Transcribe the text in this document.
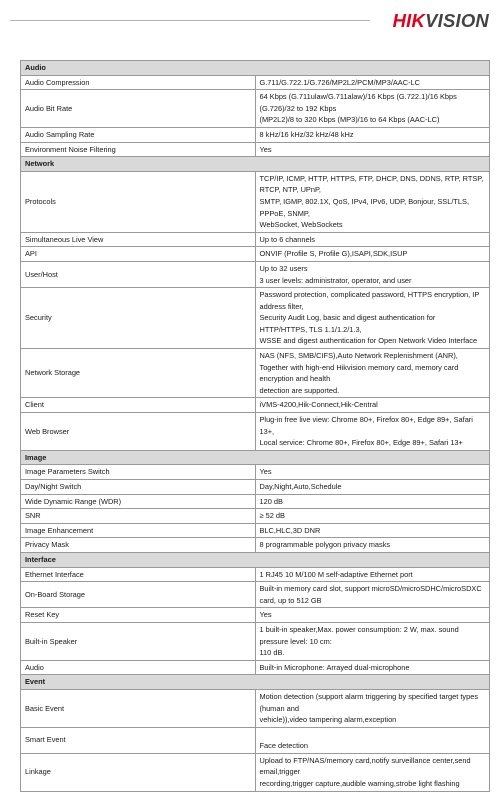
HIK VISION
Audio	
Audio Compression	G.711/G.722.1/G.726/MP2L2/PCM/MP3/AAC-LC

Audio Bit Rate	64 Kbps (G.711ulaw/G.711alaw)/16 Kbps (G.722.1)/16 Kbps (G.726)/32 to 192 Kbps
(MP2L2)/8 to 320 Kbps (MP3)/16 to 64 Kbps (AAC-LC)

Audio Sampling Rate	8 kHz/16 kHz/32 kHz/48 kHz

Environment Noise Filtering	Yes

Network	
Protocols	TCP/IP, ICMP, HTTP, HTTPS, FTP, DHCP, DNS, DDNS, RTP, RTSP, RTCP, NTP, UPnP,
SMTP, IGMP, 802.1X, QoS, IPv4, IPv6, UDP, Bonjour, SSL/TLS, PPPoE, SNMP,
WebSocket, WebSockets

Simultaneous Live View	Up to 6 channels

API	ONVIF (Profile S, Profile G),ISAPI,SDK,ISUP

User/Host	Up to 32 users
3 user levels: administrator, operator, and user

Security	Password protection, complicated password, HTTPS encryption, IP address filter,
Security Audit Log, basic and digest authentication for HTTP/HTTPS, TLS 1.1/1.2/1.3,
WSSE and digest authentication for Open Network Video Interface

Network Storage	NAS (NFS, SMB/CIFS),Auto Network Replenishment (ANR),
Together with high-end Hikvision memory card, memory card encryption and health
detection are supported.

Client	iVMS-4200,Hik-Connect,Hik-Central

Web Browser	Plug-in free live view: Chrome 80+, Firefox 80+, Edge 89+, Safari 13+,
Local service: Chrome 80+, Firefox 80+, Edge 89+, Safari 13+

Image	
Image Parameters Switch	Yes

Day/Night Switch	Day,Night,Auto,Schedule

Wide Dynamic Range (WDR)	120 dB

SNR	≥ 52 dB

Image Enhancement	BLC,HLC,3D DNR

Privacy Mask	8 programmable polygon privacy masks

Interface	
Ethernet Interface	1 RJ45 10 M/100 M self-adaptive Ethernet port

On-Board Storage	Built-in memory card slot, support microSD/microSDHC/microSDXC card, up to 512 GB

Reset Key	Yes

Built-in Speaker	1 built-in speaker,Max. power consumption: 2 W, max. sound pressure level: 10 cm:
110 dB.

Audio	Built-in Microphone: Arrayed dual-microphone

Event	
Basic Event	Motion detection (support alarm triggering by specified target types (human and
vehicle)),video tampering alarm,exception

Smart Event	Face detection

Linkage	Upload to FTP/NAS/memory card,notify surveillance center,send email,trigger
recording,trigger capture,audible warning,strobe light flashing
